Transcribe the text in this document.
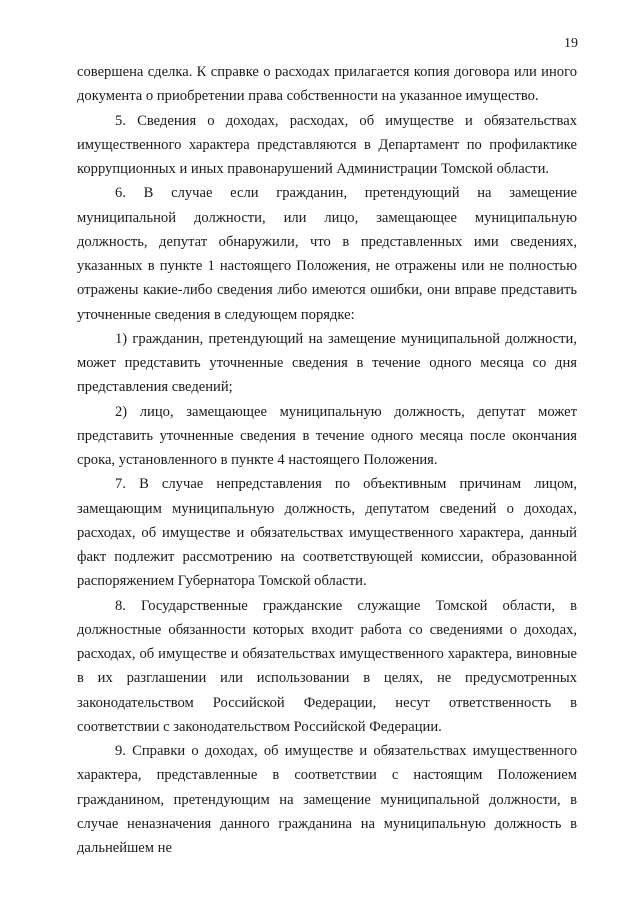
19

совершена сделка. К справке о расходах прилагается копия договора или иного документа о приобретении права собственности на указанное имущество.

5. Сведения о доходах, расходах, об имуществе и обязательствах имущественного характера представляются в Департамент по профилактике коррупционных и иных правонарушений Администрации Томской области.

6. В случае если гражданин, претендующий на замещение муниципальной должности, или лицо, замещающее муниципальную должность, депутат обнаружили, что в представленных ими сведениях, указанных в пункте 1 настоящего Положения, не отражены или не полностью отражены какие-либо сведения либо имеются ошибки, они вправе представить уточненные сведения в следующем порядке:

1) гражданин, претендующий на замещение муниципальной должности, может представить уточненные сведения в течение одного месяца со дня представления сведений;

2) лицо, замещающее муниципальную должность, депутат может представить уточненные сведения в течение одного месяца после окончания срока, установленного в пункте 4 настоящего Положения.

7. В случае непредставления по объективным причинам лицом, замещающим муниципальную должность, депутатом сведений о доходах, расходах, об имуществе и обязательствах имущественного характера, данный факт подлежит рассмотрению на соответствующей комиссии, образованной распоряжением Губернатора Томской области.

8. Государственные гражданские служащие Томской области, в должностные обязанности которых входит работа со сведениями о доходах, расходах, об имуществе и обязательствах имущественного характера, виновные в их разглашении или использовании в целях, не предусмотренных законодательством Российской Федерации, несут ответственность в соответствии с законодательством Российской Федерации.

9. Справки о доходах, об имуществе и обязательствах имущественного характера, представленные в соответствии с настоящим Положением гражданином, претендующим на замещение муниципальной должности, в случае неназначения данного гражданина на муниципальную должность в дальнейшем не
